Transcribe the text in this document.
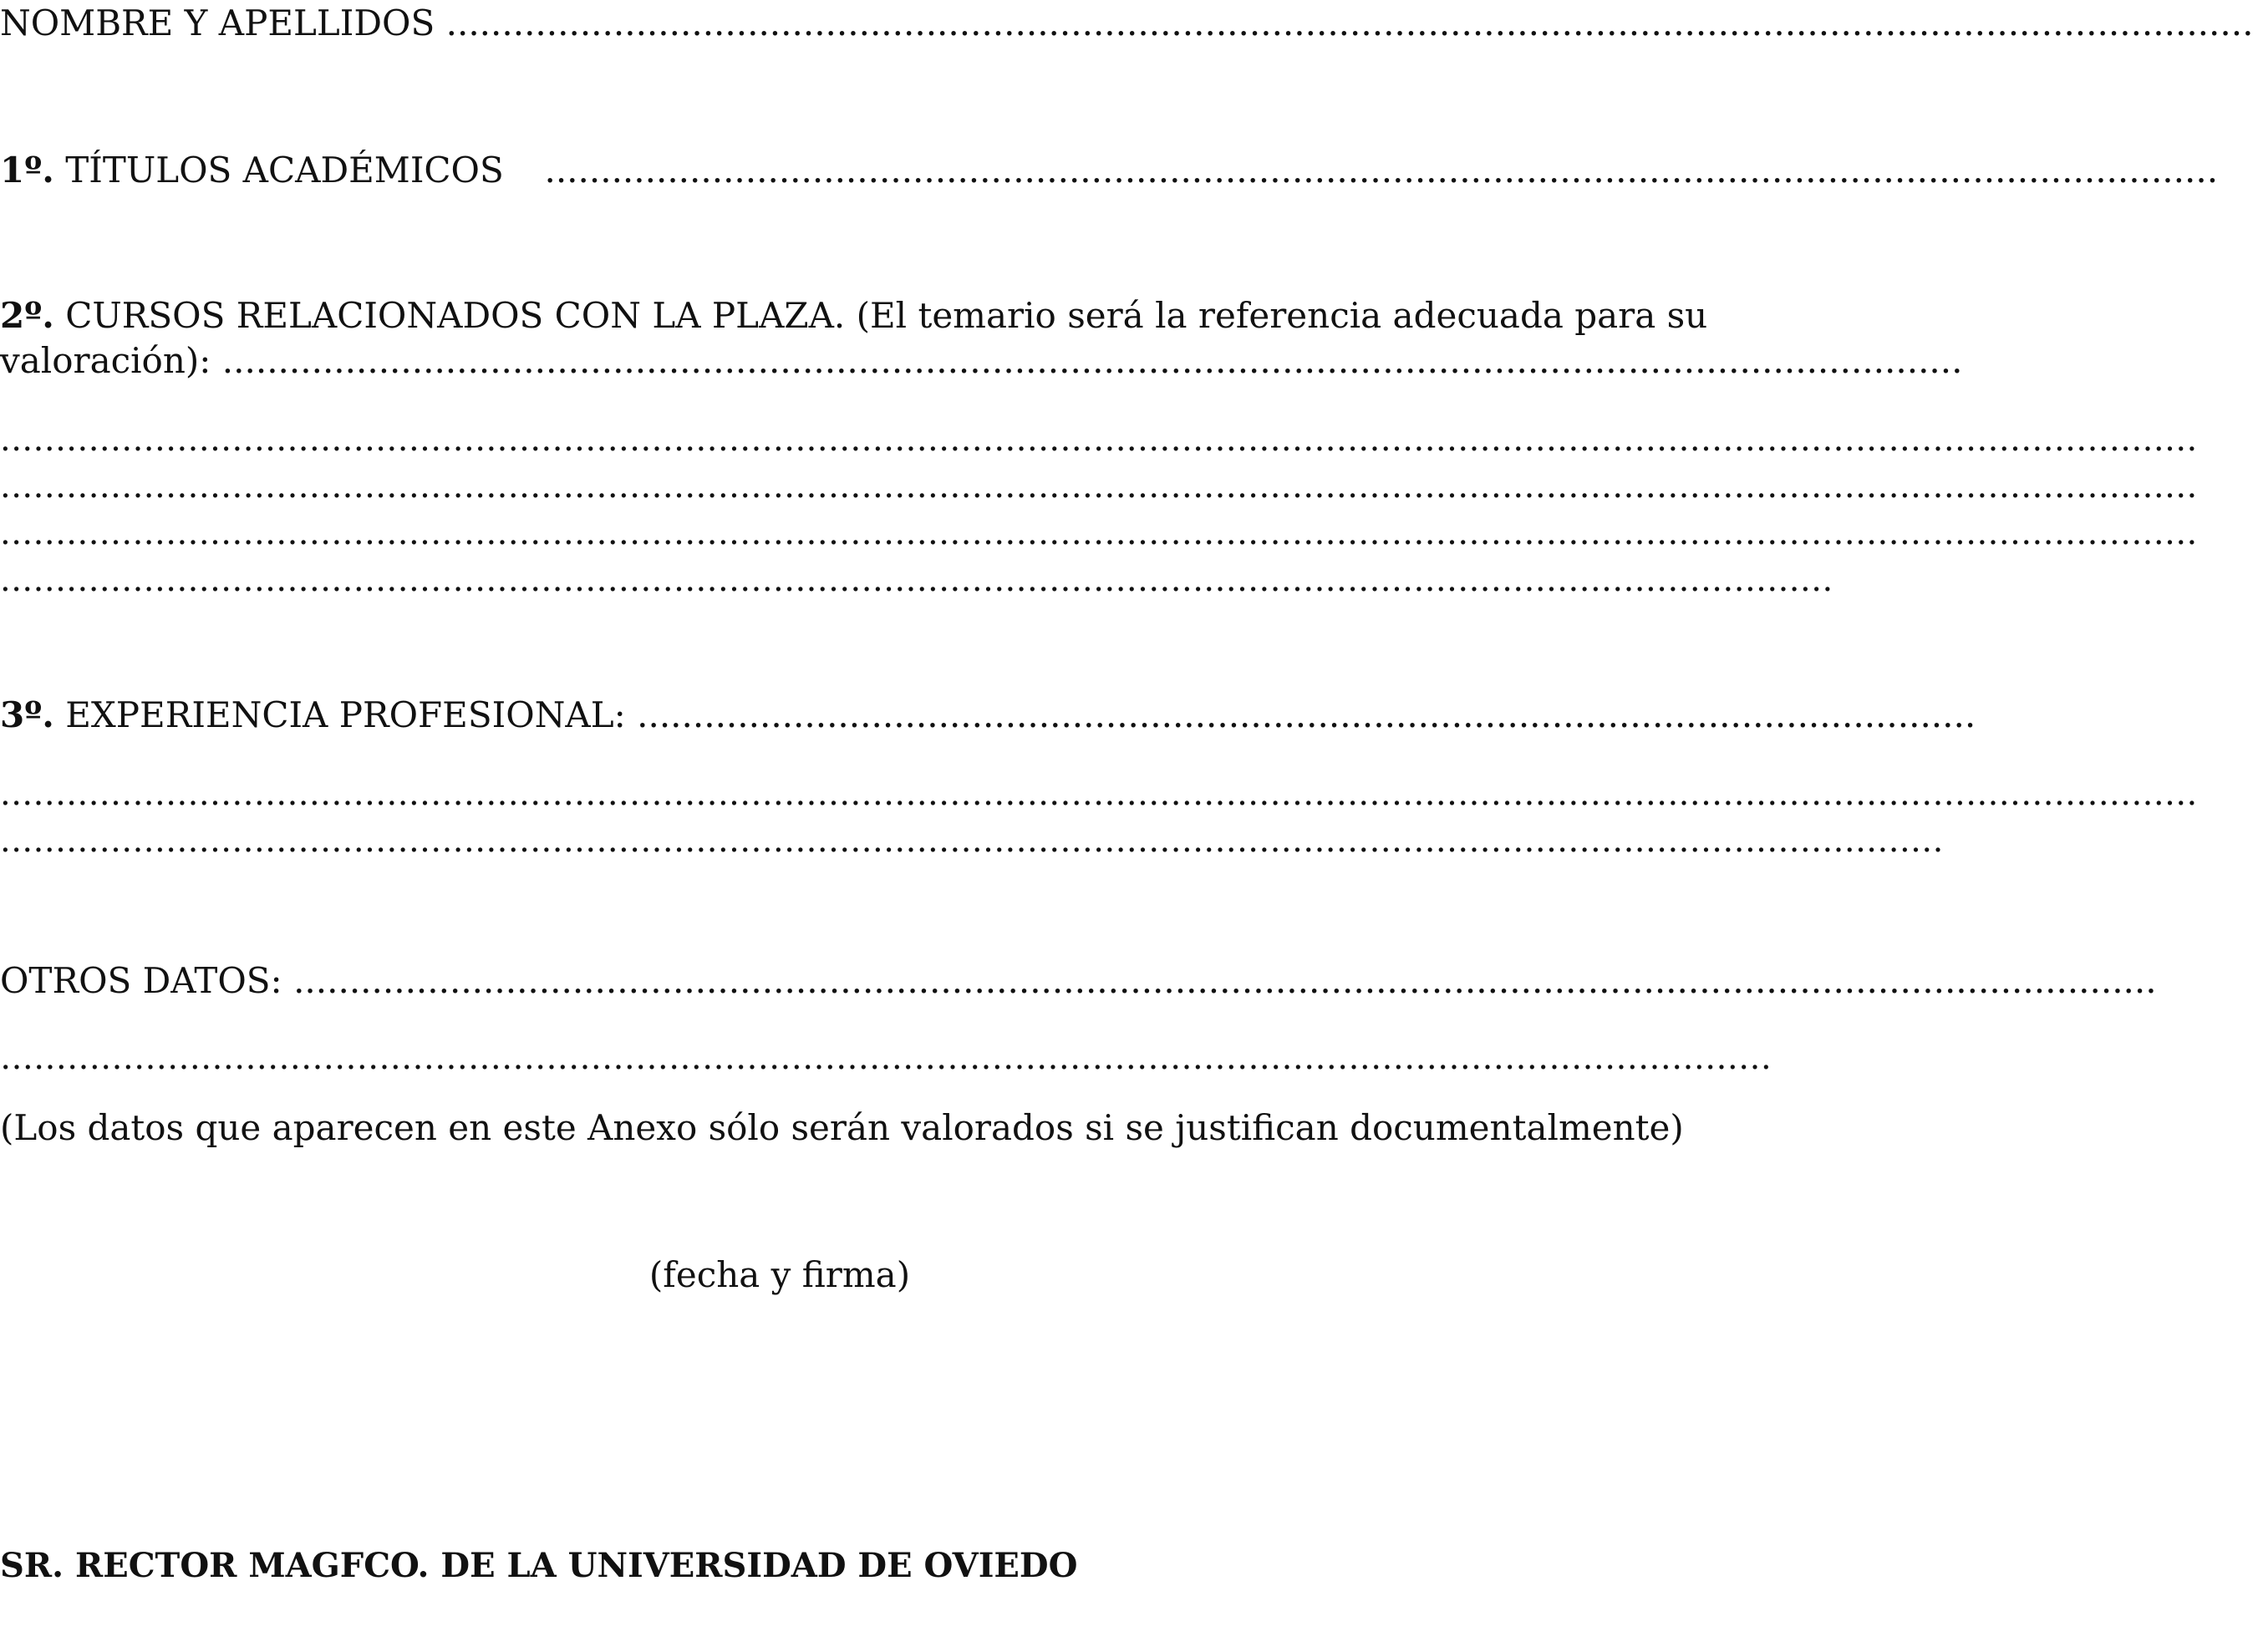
NOMBRE Y APELLIDOS ..................................................................................................................................................................
1º. TÍTULOS ACADÉMICOS ......................................................................................................................................................
2º. CURSOS RELACIONADOS CON LA PLAZA. (El temario será la referencia adecuada para su
valoración): ............................................................................................................................................................
.......................................................................................................................................................................................................
.......................................................................................................................................................................................................
.......................................................................................................................................................................................................
......................................................................................................................................................................
3º. EXPERIENCIA PROFESIONAL: ........................................................................................................................
.......................................................................................................................................................................................................
................................................................................................................................................................................
OTROS DATOS: .......................................................................................................................................................................
……………………………………………………………………………………………………………………………………………
(Los datos que aparecen en este Anexo sólo serán valorados si se justifican documentalmente)
(fecha y firma)
SR. RECTOR MAGFCO. DE LA UNIVERSIDAD DE OVIEDO
